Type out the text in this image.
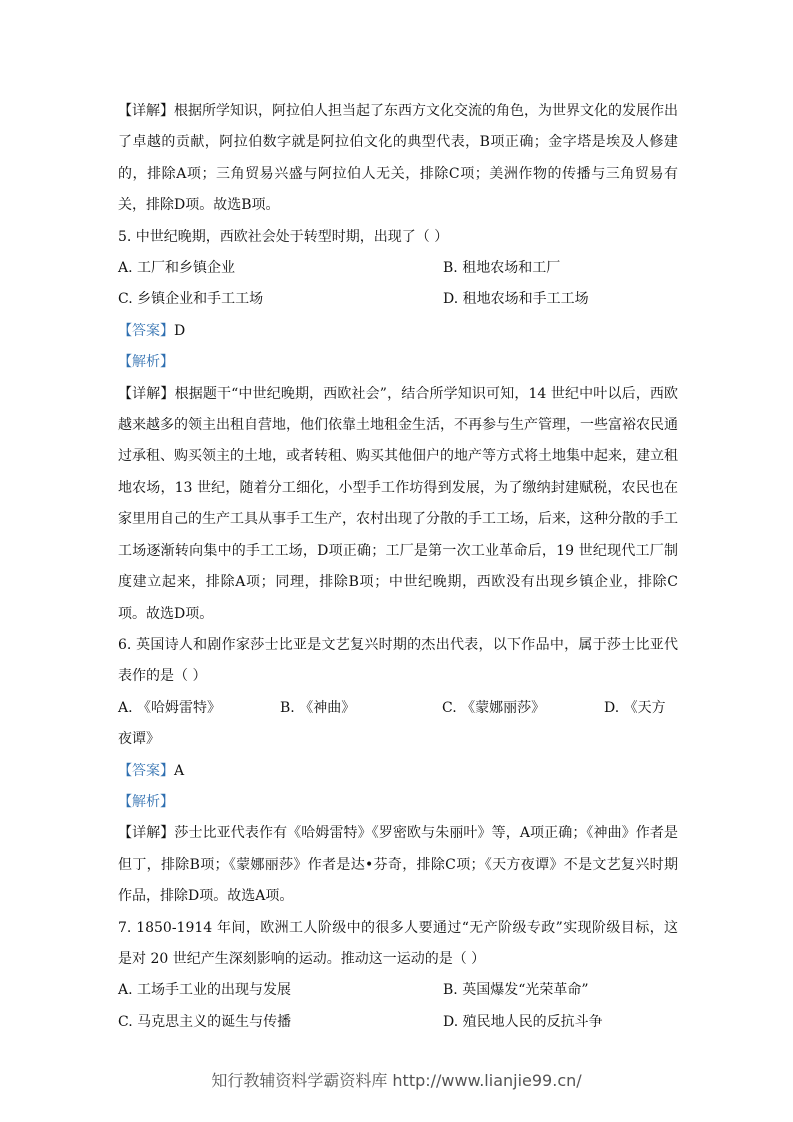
【详解】根据所学知识，阿拉伯人担当起了东西方文化交流的角色，为世界文化的发展作出了卓越的贡献，阿拉伯数字就是阿拉伯文化的典型代表，B项正确；金字塔是埃及人修建的，排除A项；三角贸易兴盛与阿拉伯人无关，排除C项；美洲作物的传播与三角贸易有关，排除D项。故选B项。

5. 中世纪晚期，西欧社会处于转型时期，出现了（ ）

A. 工厂和乡镇企业	B. 租地农场和工厂
C. 乡镇企业和手工工场	D. 租地农场和手工工场

【答案】D

【解析】

【详解】根据题干“中世纪晚期，西欧社会”，结合所学知识可知，14 世纪中叶以后，西欧越来越多的领主出租自营地，他们依靠土地租金生活，不再参与生产管理，一些富裕农民通过承租、购买领主的土地，或者转租、购买其他佃户的地产等方式将土地集中起来，建立租地农场，13 世纪，随着分工细化，小型手工作坊得到发展，为了缴纳封建赋税，农民也在家里用自己的生产工具从事手工生产，农村出现了分散的手工工场，后来，这种分散的手工工场逐渐转向集中的手工工场，D项正确；工厂是第一次工业革命后，19 世纪现代工厂制度建立起来，排除A项；同理，排除B项；中世纪晚期，西欧没有出现乡镇企业，排除C项。故选D项。

6. 英国诗人和剧作家莎士比亚是文艺复兴时期的杰出代表，以下作品中，属于莎士比亚代表作的是（ ）

A. 《哈姆雷特》	B. 《神曲》	C. 《蒙娜丽莎》	D. 《天方

夜谭》

【答案】A

【解析】

【详解】莎士比亚代表作有《哈姆雷特》《罗密欧与朱丽叶》等，A项正确；《神曲》作者是但丁，排除B项；《蒙娜丽莎》作者是达•芬奇，排除C项；《天方夜谭》不是文艺复兴时期作品，排除D项。故选A项。

7. 1850-1914 年间，欧洲工人阶级中的很多人要通过“无产阶级专政”实现阶级目标，这是对 20 世纪产生深刻影响的运动。推动这一运动的是（ ）

A. 工场手工业的出现与发展	B. 英国爆发“光荣革命”
C. 马克思主义的诞生与传播	D. 殖民地人民的反抗斗争
知行教辅资料学霸资料库 http://www.lianjie99.cn/
